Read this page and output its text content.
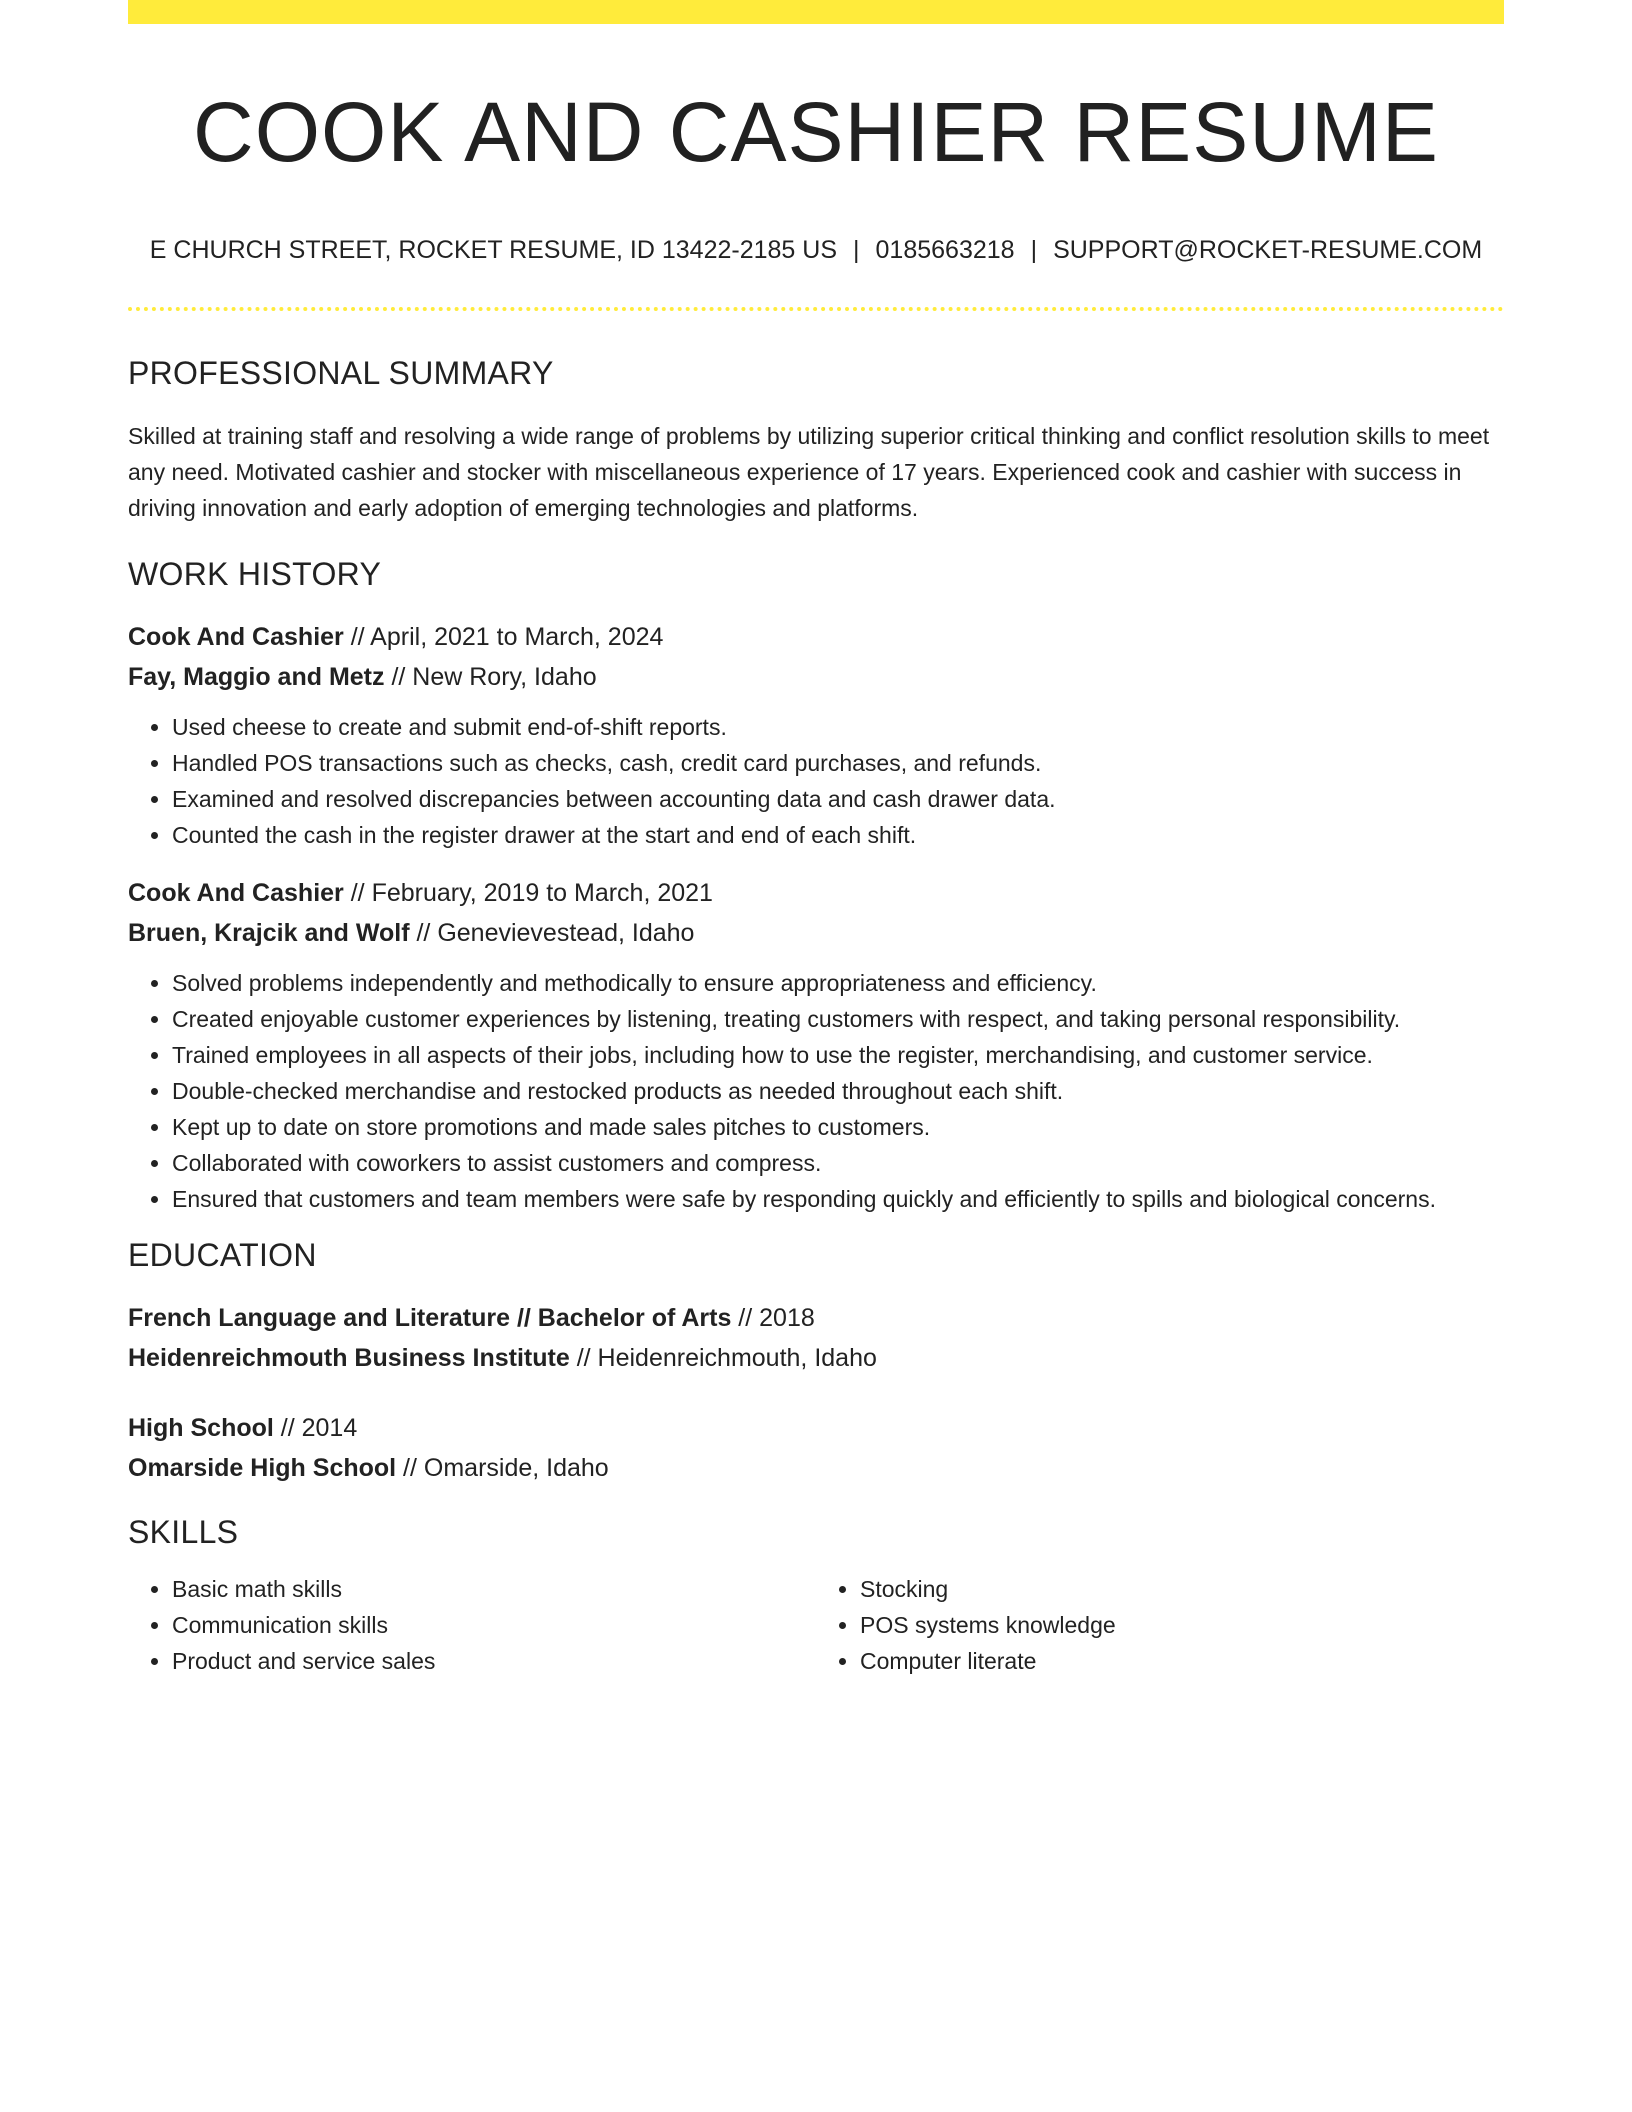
COOK AND CASHIER RESUME
E CHURCH STREET, ROCKET RESUME, ID 13422-2185 US | 0185663218 | SUPPORT@ROCKET-RESUME.COM
PROFESSIONAL SUMMARY
Skilled at training staff and resolving a wide range of problems by utilizing superior critical thinking and conflict resolution skills to meet any need. Motivated cashier and stocker with miscellaneous experience of 17 years. Experienced cook and cashier with success in driving innovation and early adoption of emerging technologies and platforms.
WORK HISTORY
Cook And Cashier // April, 2021 to March, 2024
Fay, Maggio and Metz // New Rory, Idaho
• Used cheese to create and submit end-of-shift reports.
• Handled POS transactions such as checks, cash, credit card purchases, and refunds.
• Examined and resolved discrepancies between accounting data and cash drawer data.
• Counted the cash in the register drawer at the start and end of each shift.
Cook And Cashier // February, 2019 to March, 2021
Bruen, Krajcik and Wolf // Genevievestead, Idaho
• Solved problems independently and methodically to ensure appropriateness and efficiency.
• Created enjoyable customer experiences by listening, treating customers with respect, and taking personal responsibility.
• Trained employees in all aspects of their jobs, including how to use the register, merchandising, and customer service.
• Double-checked merchandise and restocked products as needed throughout each shift.
• Kept up to date on store promotions and made sales pitches to customers.
• Collaborated with coworkers to assist customers and compress.
• Ensured that customers and team members were safe by responding quickly and efficiently to spills and biological concerns.
EDUCATION
French Language and Literature // Bachelor of Arts // 2018
Heidenreichmouth Business Institute // Heidenreichmouth, Idaho
High School // 2014
Omarside High School // Omarside, Idaho
SKILLS
• Basic math skills
• Communication skills
• Product and service sales
• Stocking
• POS systems knowledge
• Computer literate
